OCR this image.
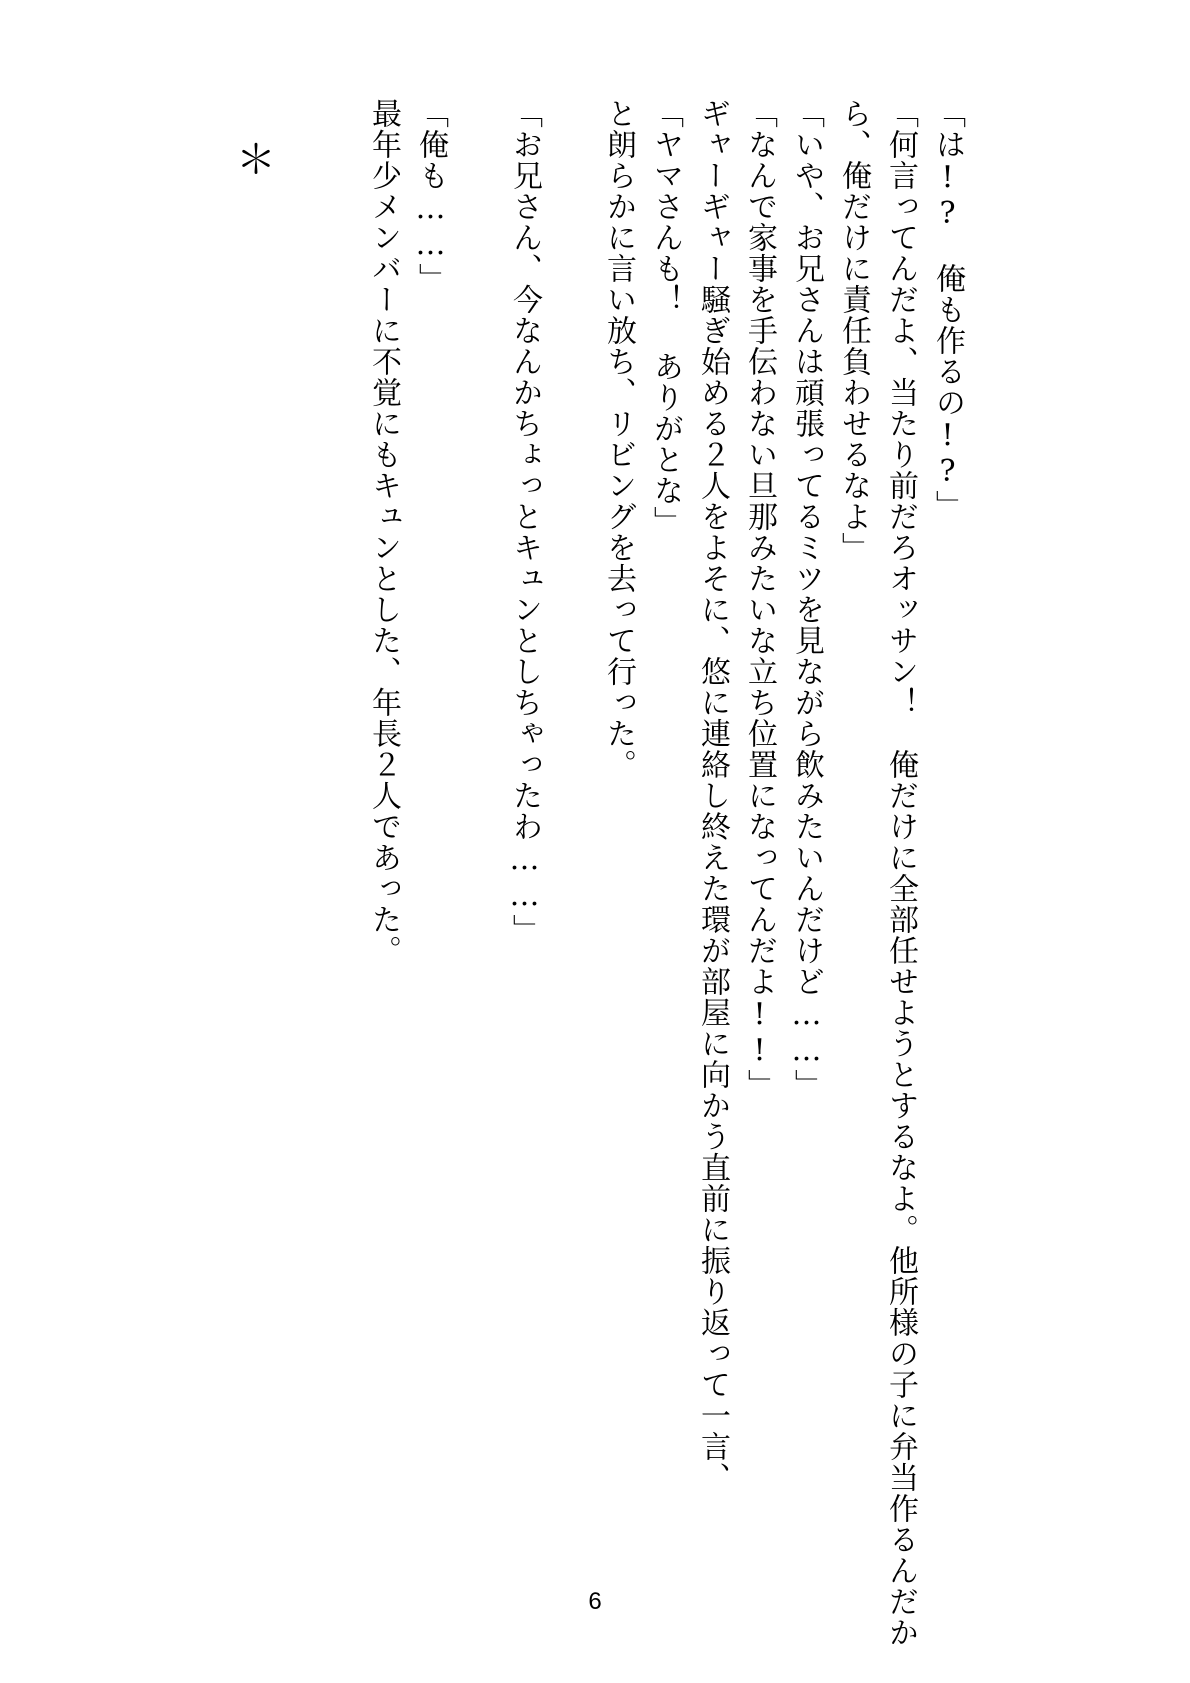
「は!?　俺も作るの!?」
「何言ってんだよ、当たり前だろオッサン！　俺だけに全部任せようとするなよ。他所様の子に弁当作るんだか
ら、俺だけに責任負わせるなよ」
「いや、お兄さんは頑張ってるミツを見ながら飲みたいんだけど……」
「なんで家事を手伝わない旦那みたいな立ち位置になってんだよ!!」
ギャーギャー騒ぎ始める２人をよそに、悠に連絡し終えた環が部屋に向かう直前に振り返って一言、
「ヤマさんも！ ありがとな」
と朗らかに言い放ち、リビングを去って行った。
「お兄さん、今なんかちょっとキュンとしちゃったわ……」
「俺も……」
最年少メンバーに不覚にもキュンとした、年長２人であった。
＊
6
